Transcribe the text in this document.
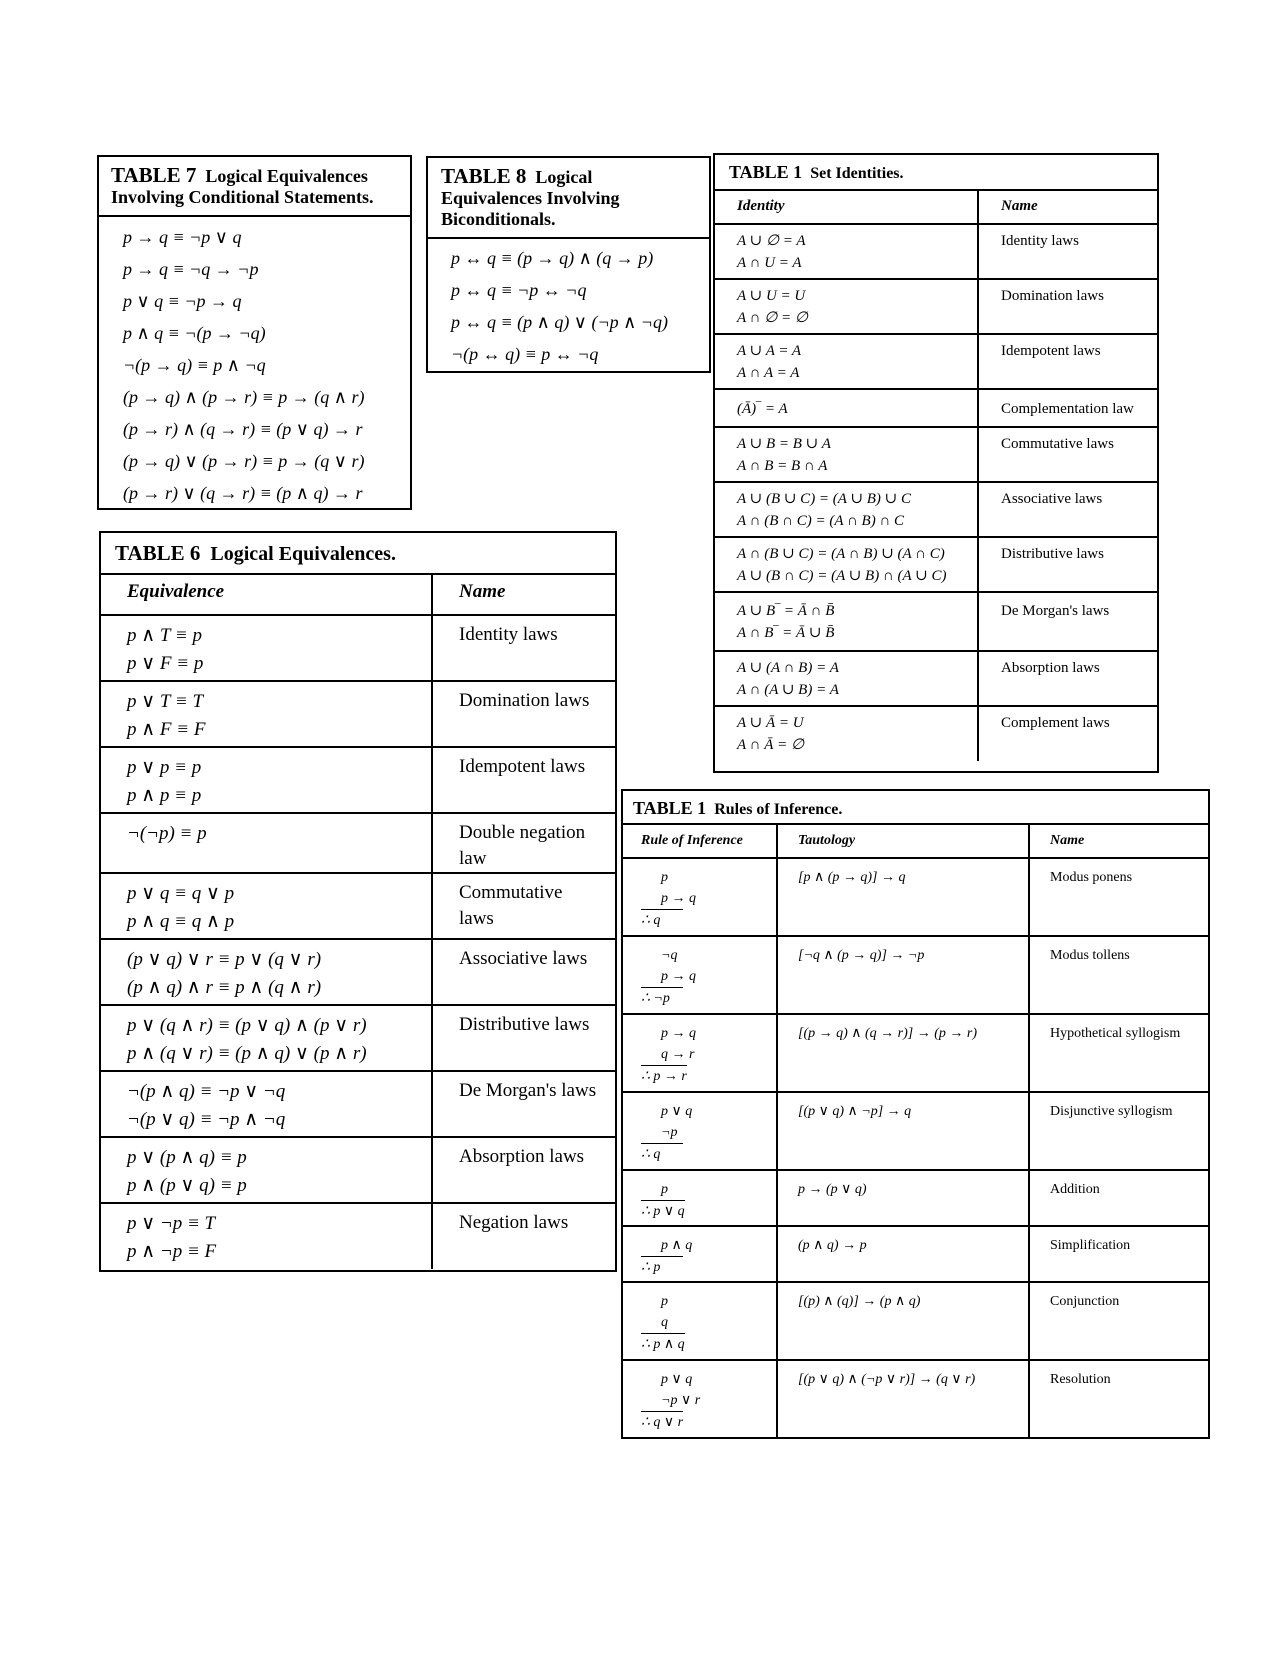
TABLE 7 Logical Equivalences
Involving Conditional Statements.
p → q ≡ ¬p ∨ q
p → q ≡ ¬q → ¬p
p ∨ q ≡ ¬p → q
p ∧ q ≡ ¬(p → ¬q)
¬(p → q) ≡ p ∧ ¬q
(p → q) ∧ (p → r) ≡ p → (q ∧ r)
(p → r) ∧ (q → r) ≡ (p ∨ q) → r
(p → q) ∨ (p → r) ≡ p → (q ∨ r)
(p → r) ∨ (q → r) ≡ (p ∧ q) → r
TABLE 8 Logical
Equivalences Involving
Biconditionals.
p ↔ q ≡ (p → q) ∧ (q → p)
p ↔ q ≡ ¬p ↔ ¬q
p ↔ q ≡ (p ∧ q) ∨ (¬p ∧ ¬q)
¬(p ↔ q) ≡ p ↔ ¬q
TABLE 6 Logical Equivalences.
Equivalence	Name

p ∧ T ≡ p
p ∨ F ≡ p	Identity laws

p ∨ T ≡ T
p ∧ F ≡ F	Domination laws

p ∨ p ≡ p
p ∧ p ≡ p	Idempotent laws

¬(¬p) ≡ p	Double negation law

p ∨ q ≡ q ∨ p
p ∧ q ≡ q ∧ p	Commutative laws

(p ∨ q) ∨ r ≡ p ∨ (q ∨ r)
(p ∧ q) ∧ r ≡ p ∧ (q ∧ r)	Associative laws

p ∨ (q ∧ r) ≡ (p ∨ q) ∧ (p ∨ r)
p ∧ (q ∨ r) ≡ (p ∧ q) ∨ (p ∧ r)	Distributive laws

¬(p ∧ q) ≡ ¬p ∨ ¬q
¬(p ∨ q) ≡ ¬p ∧ ¬q	De Morgan's laws

p ∨ (p ∧ q) ≡ p
p ∧ (p ∨ q) ≡ p	Absorption laws

p ∨ ¬p ≡ T
p ∧ ¬p ≡ F	Negation laws
TABLE 1 Set Identities.
Identity	Name

A ∪ ∅ = A
A ∩ U = A	Identity laws

A ∪ U = U
A ∩ ∅ = ∅	Domination laws

A ∪ A = A
A ∩ A = A	Idempotent laws

(Ā)‾ = A	Complementation law

A ∪ B = B ∪ A
A ∩ B = B ∩ A	Commutative laws

A ∪ (B ∪ C) = (A ∪ B) ∪ C
A ∩ (B ∩ C) = (A ∩ B) ∩ C	Associative laws

A ∩ (B ∪ C) = (A ∩ B) ∪ (A ∩ C)
A ∪ (B ∩ C) = (A ∪ B) ∩ (A ∪ C)	Distributive laws

A ∪ B‾ = Ā ∩ B̄
A ∩ B‾ = Ā ∪ B̄	De Morgan's laws

A ∪ (A ∩ B) = A
A ∩ (A ∪ B) = A	Absorption laws

A ∪ Ā = U
A ∩ Ā = ∅	Complement laws
TABLE 1 Rules of Inference.
Rule of Inference	Tautology	Name

p
p → q
∴ q	[p ∧ (p → q)] → q	Modus ponens

¬q
p → q
∴ ¬p	[¬q ∧ (p → q)] → ¬p	Modus tollens

p → q
q → r
∴ p → r	[(p → q) ∧ (q → r)] → (p → r)	Hypothetical syllogism

p ∨ q
¬p
∴ q	[(p ∨ q) ∧ ¬p] → q	Disjunctive syllogism

p
∴ p ∨ q	p → (p ∨ q)	Addition

p ∧ q
∴ p	(p ∧ q) → p	Simplification

p
q
∴ p ∧ q	[(p) ∧ (q)] → (p ∧ q)	Conjunction

p ∨ q
¬p ∨ r
∴ q ∨ r	[(p ∨ q) ∧ (¬p ∨ r)] → (q ∨ r)	Resolution
